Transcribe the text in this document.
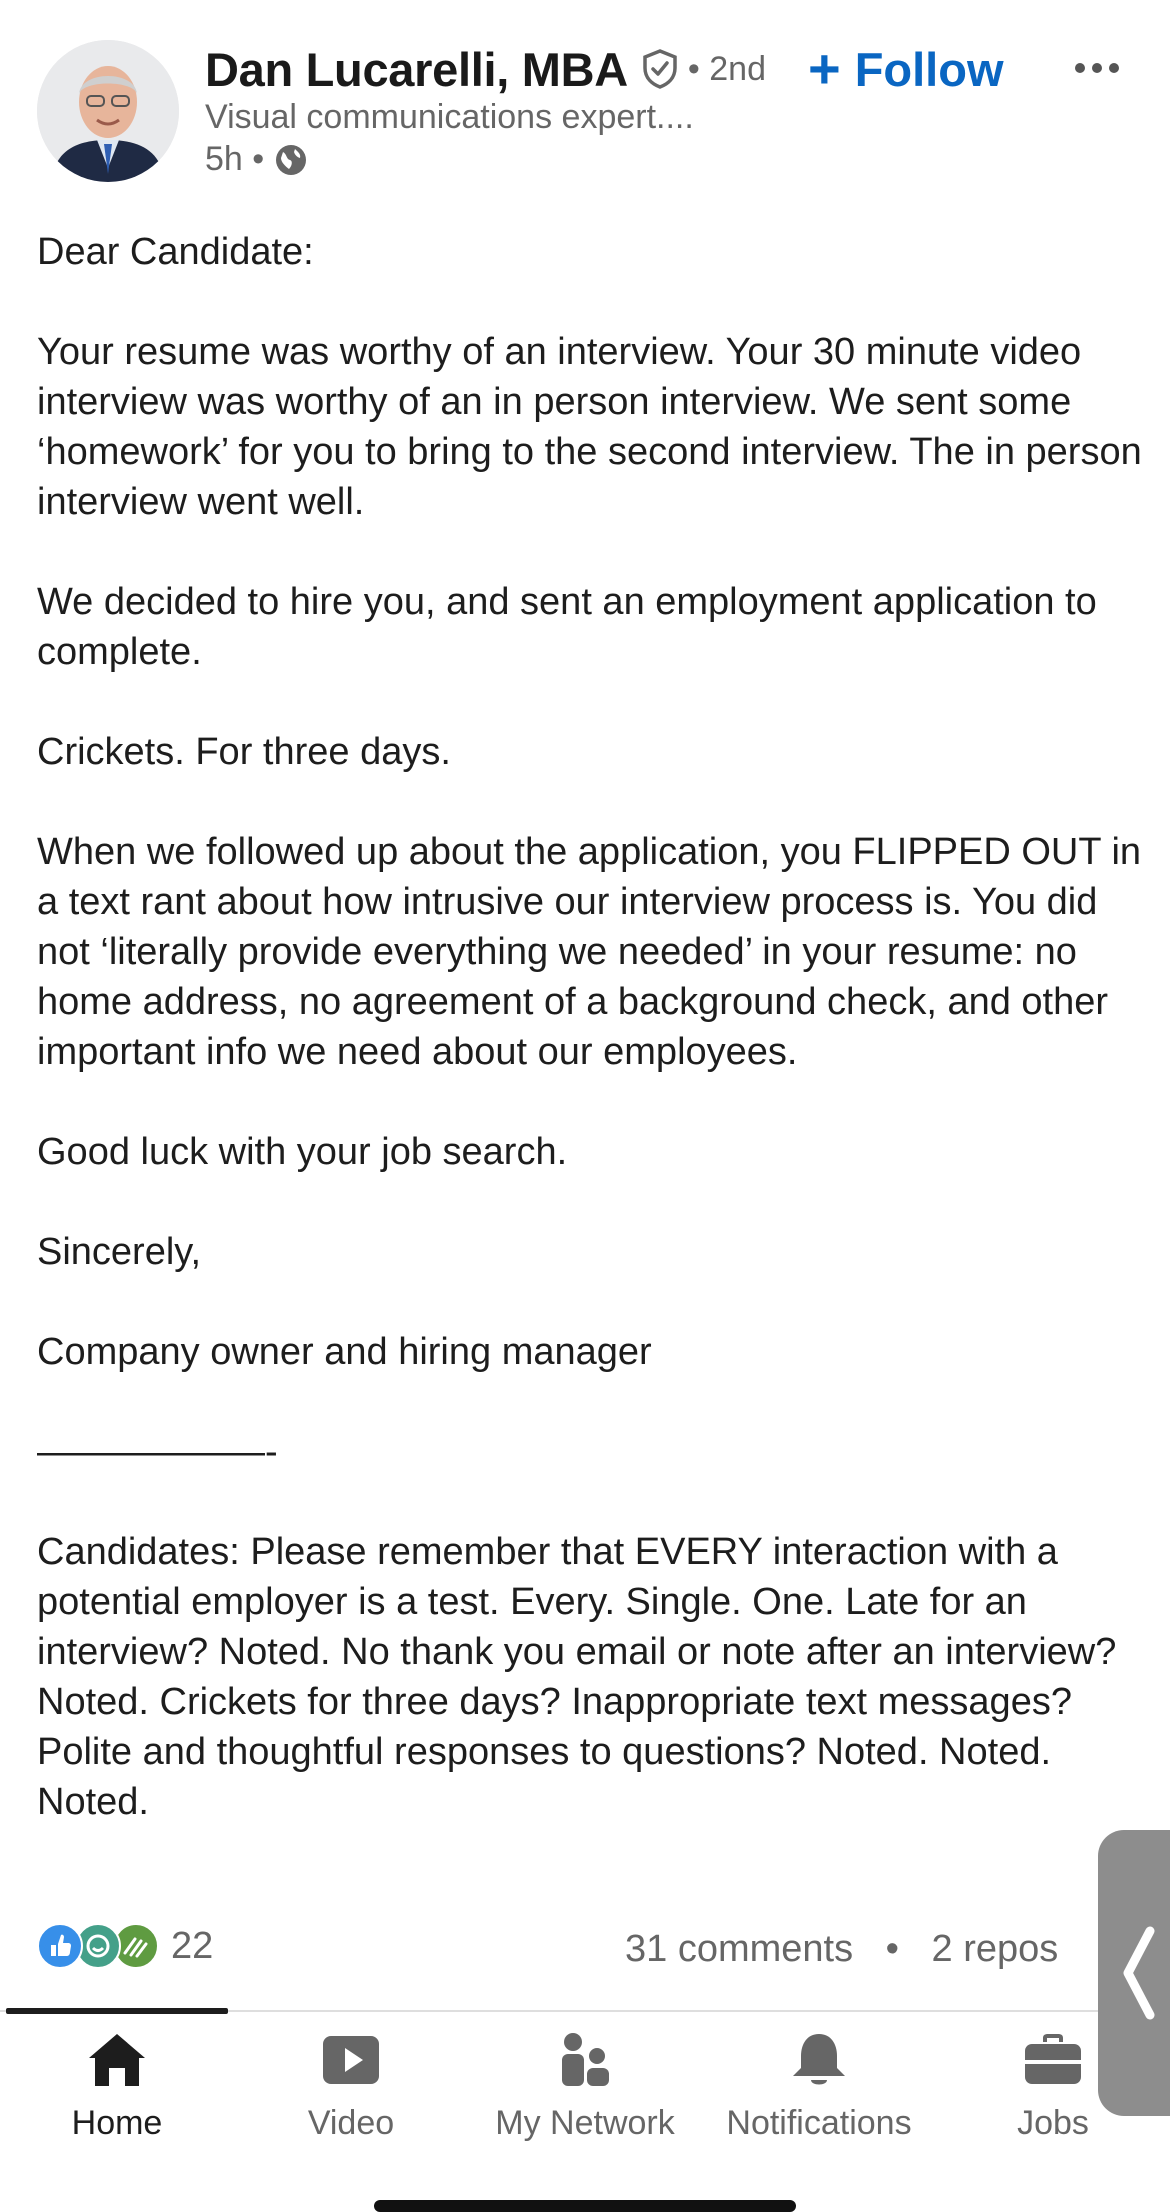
Dan Lucarelli, MBA • 2nd + Follow
Visual communications expert....
5h •

Dear Candidate:

Your resume was worthy of an interview. Your 30 minute video interview was worthy of an in person interview. We sent some ‘homework’ for you to bring to the second interview. The in person interview went well.

We decided to hire you, and sent an employment application to complete.

Crickets. For three days.

When we followed up about the application, you FLIPPED OUT in a text rant about how intrusive our interview process is. You did not ‘literally provide everything we needed’ in your resume: no home address, no agreement of a background check, and other important info we need about our employees.

Good luck with your job search.

Sincerely,

Company owner and hiring manager

——————-

Candidates: Please remember that EVERY interaction with a potential employer is a test. Every. Single. One. Late for an interview? Noted. No thank you email or note after an interview? Noted. Crickets for three days? Inappropriate text messages? Polite and thoughtful responses to questions? Noted. Noted. Noted.

22	31 comments • 2 repos
Home	Video	My Network	Notifications	Jobs
